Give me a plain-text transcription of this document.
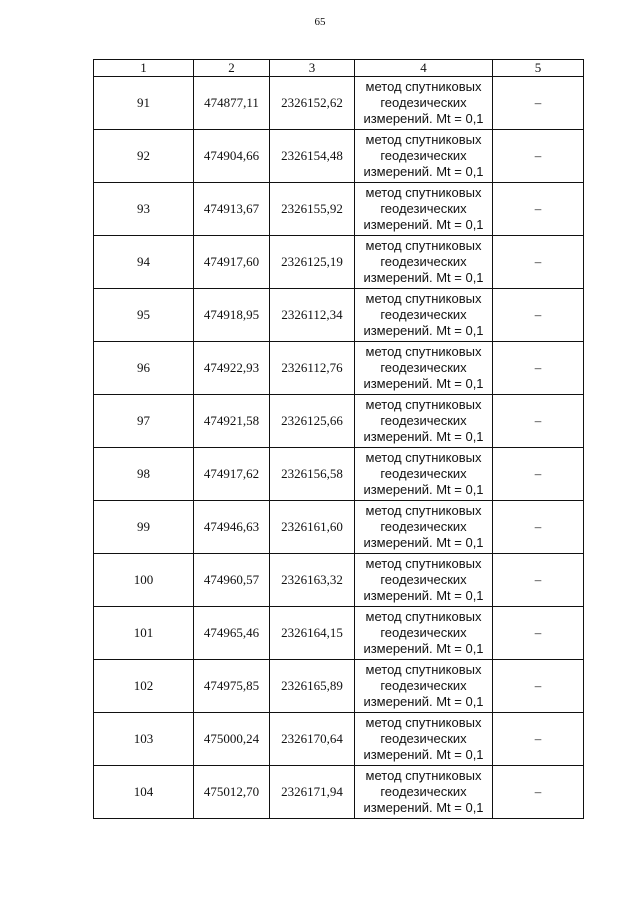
65
1	2	3	4	5
91	474877,11	2326152,62	метод спутниковых
геодезических
измерений. Mt = 0,1	–
92	474904,66	2326154,48	метод спутниковых
геодезических
измерений. Mt = 0,1	–
93	474913,67	2326155,92	метод спутниковых
геодезических
измерений. Mt = 0,1	–
94	474917,60	2326125,19	метод спутниковых
геодезических
измерений. Mt = 0,1	–
95	474918,95	2326112,34	метод спутниковых
геодезических
измерений. Mt = 0,1	–
96	474922,93	2326112,76	метод спутниковых
геодезических
измерений. Mt = 0,1	–
97	474921,58	2326125,66	метод спутниковых
геодезических
измерений. Mt = 0,1	–
98	474917,62	2326156,58	метод спутниковых
геодезических
измерений. Mt = 0,1	–
99	474946,63	2326161,60	метод спутниковых
геодезических
измерений. Mt = 0,1	–
100	474960,57	2326163,32	метод спутниковых
геодезических
измерений. Mt = 0,1	–
101	474965,46	2326164,15	метод спутниковых
геодезических
измерений. Mt = 0,1	–
102	474975,85	2326165,89	метод спутниковых
геодезических
измерений. Mt = 0,1	–
103	475000,24	2326170,64	метод спутниковых
геодезических
измерений. Mt = 0,1	–
104	475012,70	2326171,94	метод спутниковых
геодезических
измерений. Mt = 0,1	–
